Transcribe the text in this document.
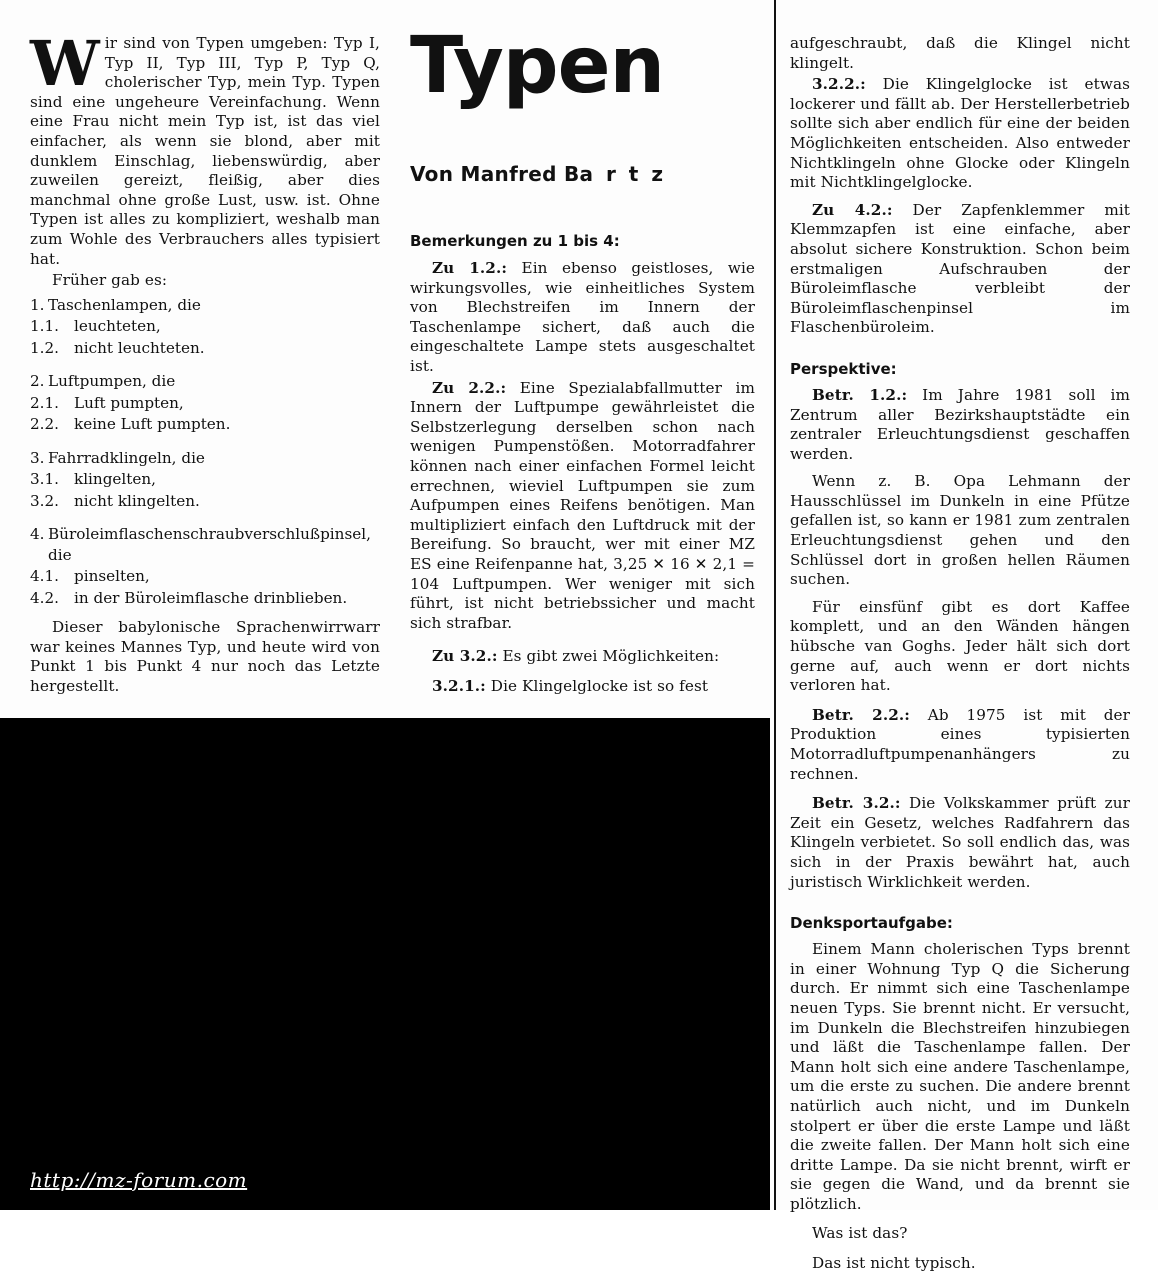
Wir sind von Typen umgeben: Typ I, Typ II, Typ III, Typ P, Typ Q, cholerischer Typ, mein Typ. Typen sind eine ungeheure Vereinfachung. Wenn eine Frau nicht mein Typ ist, ist das viel einfacher, als wenn sie blond, aber mit dunklem Einschlag, liebenswürdig, aber zuweilen gereizt, fleißig, aber dies manchmal ohne große Lust, usw. ist. Ohne Typen ist alles zu kompliziert, weshalb man zum Wohle des Verbrauchers alles typisiert hat.

Früher gab es:

1. Taschenlampen, die
1.1. leuchteten,
1.2. nicht leuchteten.
2. Luftpumpen, die
2.1. Luft pumpten,
2.2. keine Luft pumpten.
3. Fahrradklingeln, die
3.1. klingelten,
3.2. nicht klingelten.
4. Büroleimflaschenschraubverschlußpinsel, die
4.1. pinselten,
4.2. in der Büroleimflasche drinblieben.

Dieser babylonische Sprachenwirrwarr war keines Mannes Typ, und heute wird von Punkt 1 bis Punkt 4 nur noch das Letzte hergestellt.

Typen
Von Manfred Ba r t z
Bemerkungen zu 1 bis 4:

Zu 1.2.: Ein ebenso geistloses, wie wirkungsvolles, wie einheitliches System von Blechstreifen im Innern der Taschenlampe sichert, daß auch die eingeschaltete Lampe stets ausgeschaltet ist.

Zu 2.2.: Eine Spezialabfallmutter im Innern der Luftpumpe gewährleistet die Selbstzerlegung derselben schon nach wenigen Pumpenstößen. Motorradfahrer können nach einer einfachen Formel leicht errechnen, wieviel Luftpumpen sie zum Aufpumpen eines Reifens benötigen. Man multipliziert einfach den Luftdruck mit der Bereifung. So braucht, wer mit einer MZ ES eine Reifenpanne hat, 3,25 ✕ 16 ✕ 2,1 = 104 Luftpumpen. Wer weniger mit sich führt, ist nicht betriebssicher und macht sich strafbar.

Zu 3.2.: Es gibt zwei Möglichkeiten:

3.2.1.: Die Klingelglocke ist so fest

aufgeschraubt, daß die Klingel nicht klingelt.

3.2.2.: Die Klingelglocke ist etwas lockerer und fällt ab. Der Herstellerbetrieb sollte sich aber endlich für eine der beiden Möglichkeiten entscheiden. Also entweder Nichtklingeln ohne Glocke oder Klingeln mit Nichtklingelglocke.

Zu 4.2.: Der Zapfenklemmer mit Klemmzapfen ist eine einfache, aber absolut sichere Konstruktion. Schon beim erstmaligen Aufschrauben der Büroleimflasche verbleibt der Büroleimflaschenpinsel im Flaschenbüroleim.

Perspektive:

Betr. 1.2.: Im Jahre 1981 soll im Zentrum aller Bezirkshauptstädte ein zentraler Erleuchtungsdienst geschaffen werden.

Wenn z. B. Opa Lehmann der Hausschlüssel im Dunkeln in eine Pfütze gefallen ist, so kann er 1981 zum zentralen Erleuchtungsdienst gehen und den Schlüssel dort in großen hellen Räumen suchen.

Für einsfünf gibt es dort Kaffee komplett, und an den Wänden hängen hübsche van Goghs. Jeder hält sich dort gerne auf, auch wenn er dort nichts verloren hat.

Betr. 2.2.: Ab 1975 ist mit der Produktion eines typisierten Motorradluftpumpenanhängers zu rechnen.

Betr. 3.2.: Die Volkskammer prüft zur Zeit ein Gesetz, welches Radfahrern das Klingeln verbietet. So soll endlich das, was sich in der Praxis bewährt hat, auch juristisch Wirklichkeit werden.

Denksportaufgabe:

Einem Mann cholerischen Typs brennt in einer Wohnung Typ Q die Sicherung durch. Er nimmt sich eine Taschenlampe neuen Typs. Sie brennt nicht. Er versucht, im Dunkeln die Blechstreifen hinzubiegen und läßt die Taschenlampe fallen. Der Mann holt sich eine andere Taschenlampe, um die erste zu suchen. Die andere brennt natürlich auch nicht, und im Dunkeln stolpert er über die erste Lampe und läßt die zweite fallen. Der Mann holt sich eine dritte Lampe. Da sie nicht brennt, wirft er sie gegen die Wand, und da brennt sie plötzlich.

Was ist das?

Das ist nicht typisch.

http://mz-forum.com
